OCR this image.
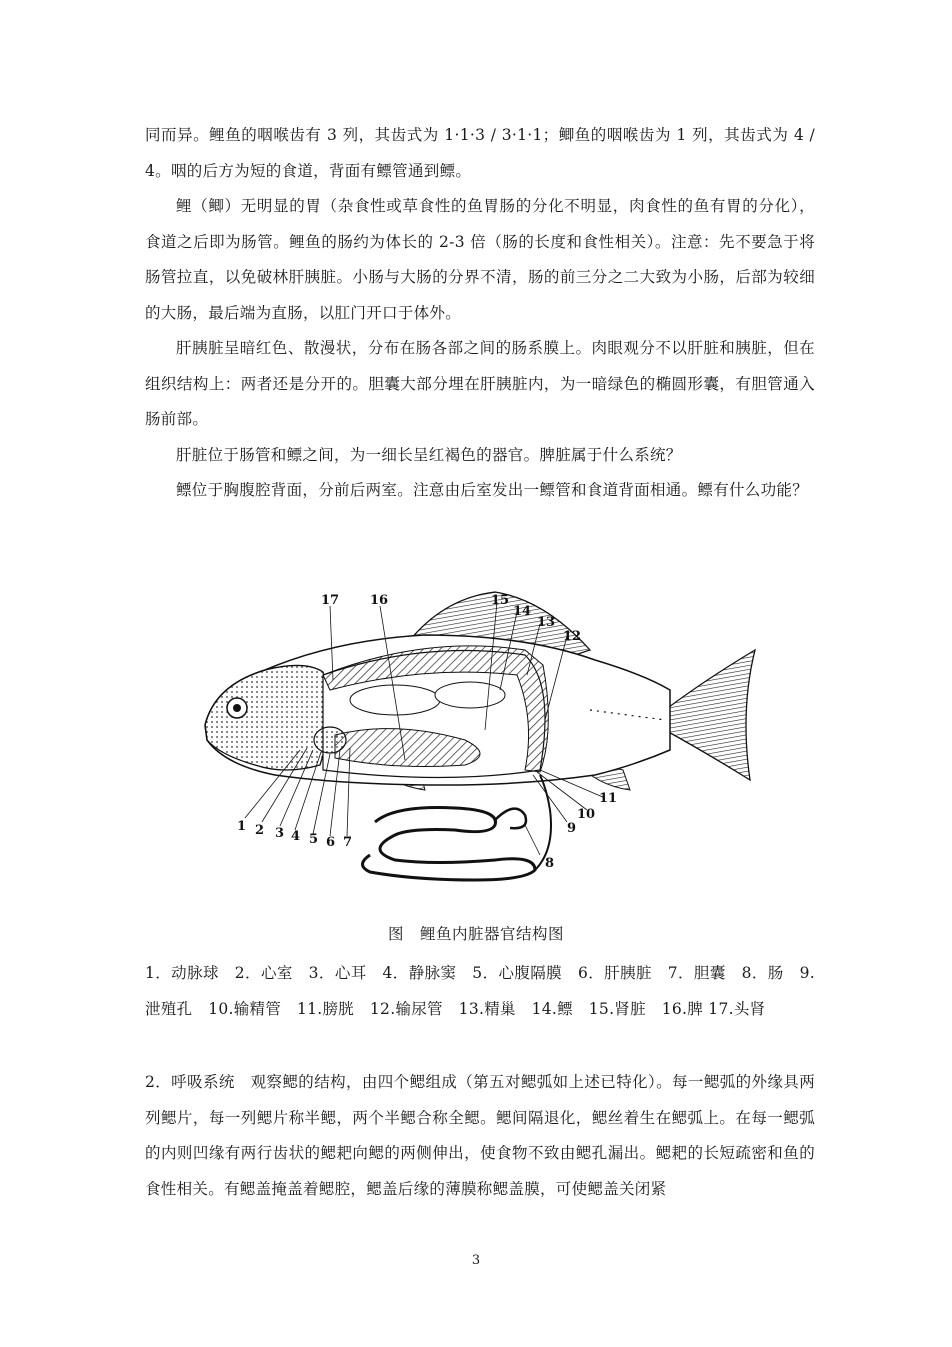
同而异。鲤鱼的咽喉齿有 3 列，其齿式为 1·1·3 / 3·1·1；鲫鱼的咽喉齿为 1 列，其齿式为 4 / 4。咽的后方为短的食道，背面有鳔管通到鳔。

鲤（鲫）无明显的胃（杂食性或草食性的鱼胃肠的分化不明显，肉食性的鱼有胃的分化），食道之后即为肠管。鲤鱼的肠约为体长的 2-3 倍（肠的长度和食性相关）。注意：先不要急于将肠管拉直，以免破林肝胰脏。小肠与大肠的分界不清，肠的前三分之二大致为小肠，后部为较细的大肠，最后端为直肠，以肛门开口于体外。

肝胰脏呈暗红色、散漫状，分布在肠各部之间的肠系膜上。肉眼观分不以肝脏和胰脏，但在组织结构上：两者还是分开的。胆囊大部分埋在肝胰脏内，为一暗绿色的椭圆形囊，有胆管通入肠前部。

肝脏位于肠管和鳔之间，为一细长呈红褐色的器官。脾脏属于什么系统？

鳔位于胸腹腔背面，分前后两室。注意由后室发出一鳔管和食道背面相通。鳔有什么功能？

1 2 3 4 5 6 7
8
9
10
11
12
13
14
15
16
17
图　鲤鱼内脏器官结构图

1．动脉球　2．心室　3．心耳　4．静脉窦　5．心腹隔膜　6．肝胰脏　7．胆囊　8．肠　9.泄殖孔　10.输精管　11.膀胱　12.输尿管　13.精巢　14.鳔　15.肾脏　16.脾 17.头肾

2．呼吸系统　观察鳃的结构，由四个鳃组成（第五对鳃弧如上述已特化）。每一鳃弧的外缘具两列鳃片，每一列鳃片称半鳃，两个半鳃合称全鳃。鳃间隔退化，鳃丝着生在鳃弧上。在每一鳃弧的内则凹缘有两行齿状的鳃耙向鳃的两侧伸出，使食物不致由鳃孔漏出。鳃耙的长短疏密和鱼的食性相关。有鳃盖掩盖着鳃腔，鳃盖后缘的薄膜称鳃盖膜，可使鳃盖关闭紧

3
